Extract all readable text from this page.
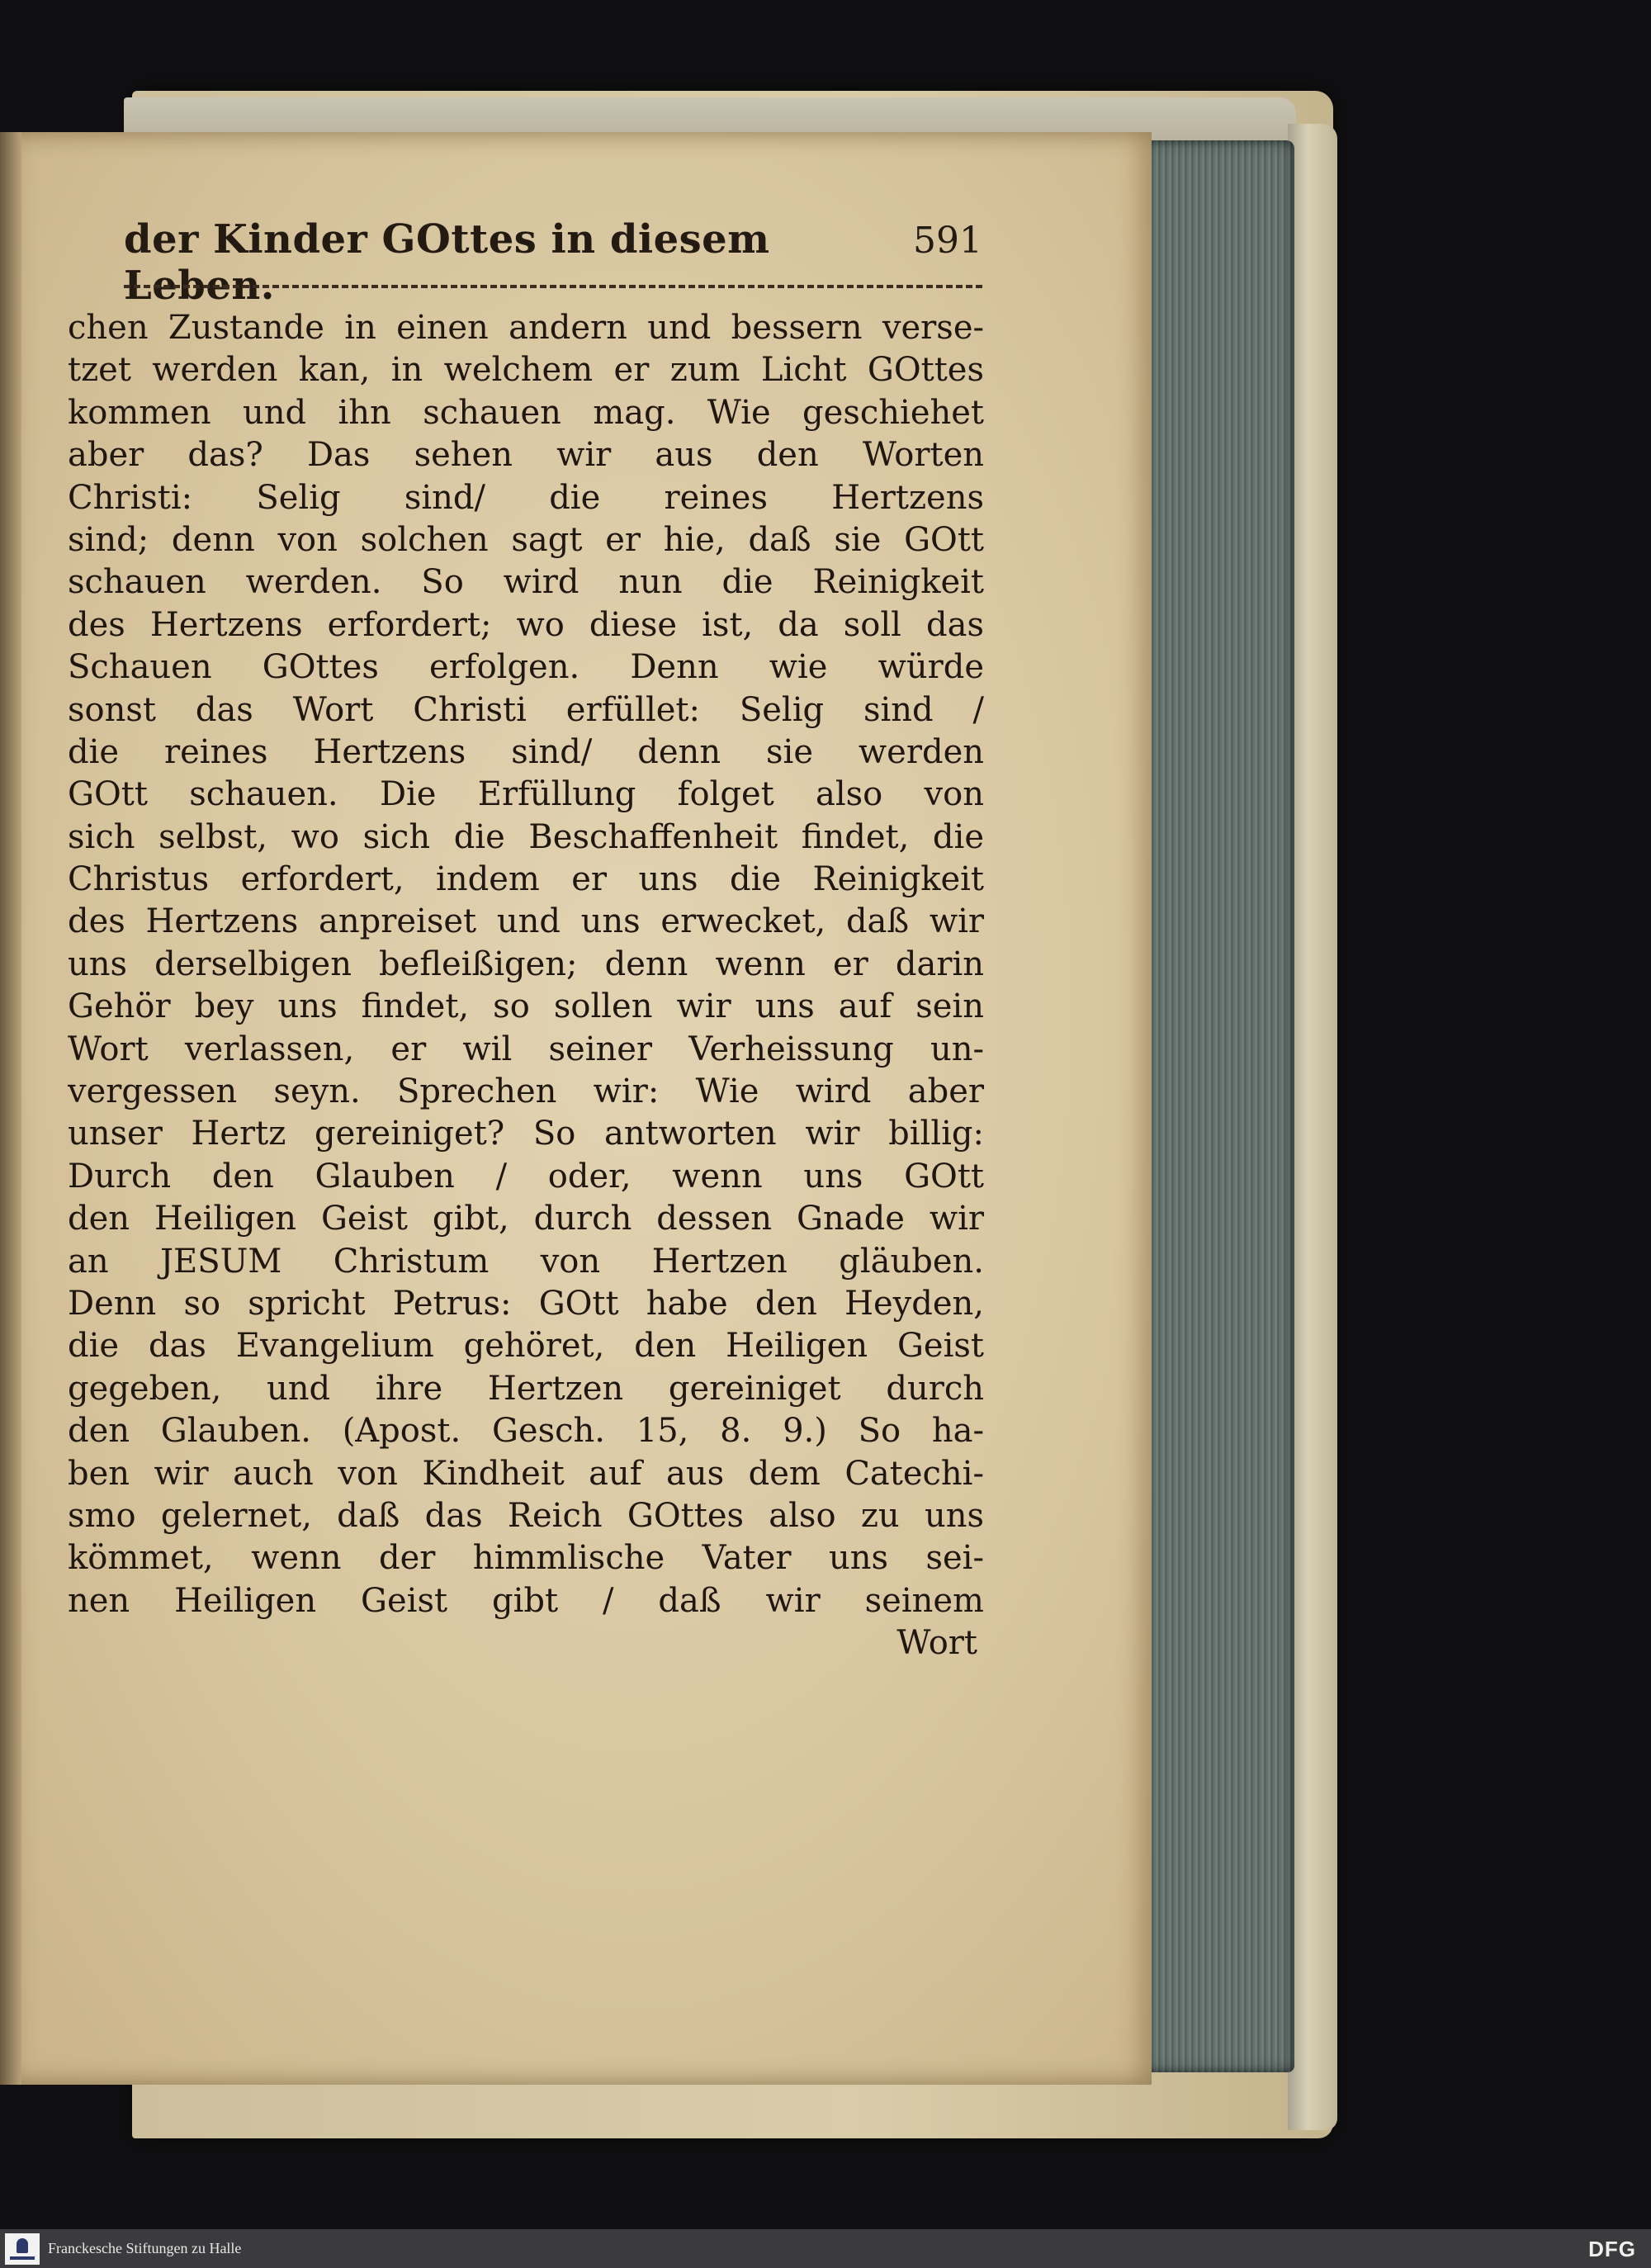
der Kinder GOttes in diesem Leben.
591
chen Zustande in einen andern und bessern verse-
tzet werden kan, in welchem er zum Licht GOttes
kommen und ihn schauen mag. Wie geschiehet
aber das? Das sehen wir aus den Worten
Christi: Selig sind/ die reines Hertzens
sind; denn von solchen sagt er hie, daß sie GOtt
schauen werden. So wird nun die Reinigkeit
des Hertzens erfordert; wo diese ist, da soll das
Schauen GOttes erfolgen. Denn wie würde
sonst das Wort Christi erfüllet: Selig sind /
die reines Hertzens sind/ denn sie werden
GOtt schauen. Die Erfüllung folget also von
sich selbst, wo sich die Beschaffenheit findet, die
Christus erfordert, indem er uns die Reinigkeit
des Hertzens anpreiset und uns erwecket, daß wir
uns derselbigen befleißigen; denn wenn er darin
Gehör bey uns findet, so sollen wir uns auf sein
Wort verlassen, er wil seiner Verheissung un-
vergessen seyn. Sprechen wir: Wie wird aber
unser Hertz gereiniget? So antworten wir billig:
Durch den Glauben / oder, wenn uns GOtt
den Heiligen Geist gibt, durch dessen Gnade wir
an JESUM Christum von Hertzen gläuben.
Denn so spricht Petrus: GOtt habe den Heyden,
die das Evangelium gehöret, den Heiligen Geist
gegeben, und ihre Hertzen gereiniget durch
den Glauben. (Apost. Gesch. 15, 8. 9.) So ha-
ben wir auch von Kindheit auf aus dem Catechi-
smo gelernet, daß das Reich GOttes also zu uns
kömmet, wenn der himmlische Vater uns sei-
nen Heiligen Geist gibt / daß wir seinem
Wort
Franckesche Stiftungen zu Halle	DFG
